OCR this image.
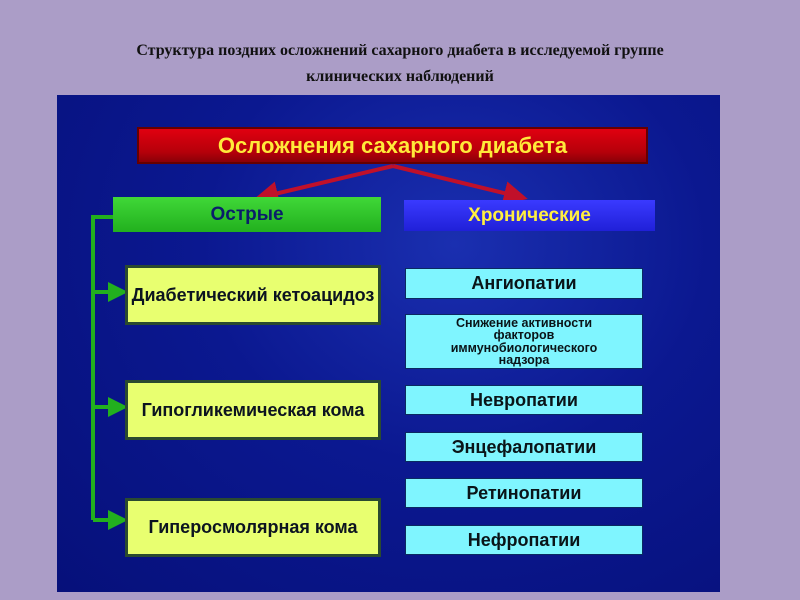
Структура поздних осложнений сахарного диабета в исследуемой группе
клинических наблюдений
Осложнения сахарного диабета
Острые	Хронические
Диабетический кетоацидоз
Гипогликемическая кома
Гиперосмолярная кома
Ангиопатии
Снижение активности факторов иммунобиологического надзора
Невропатии
Энцефалопатии
Ретинопатии
Нефропатии
